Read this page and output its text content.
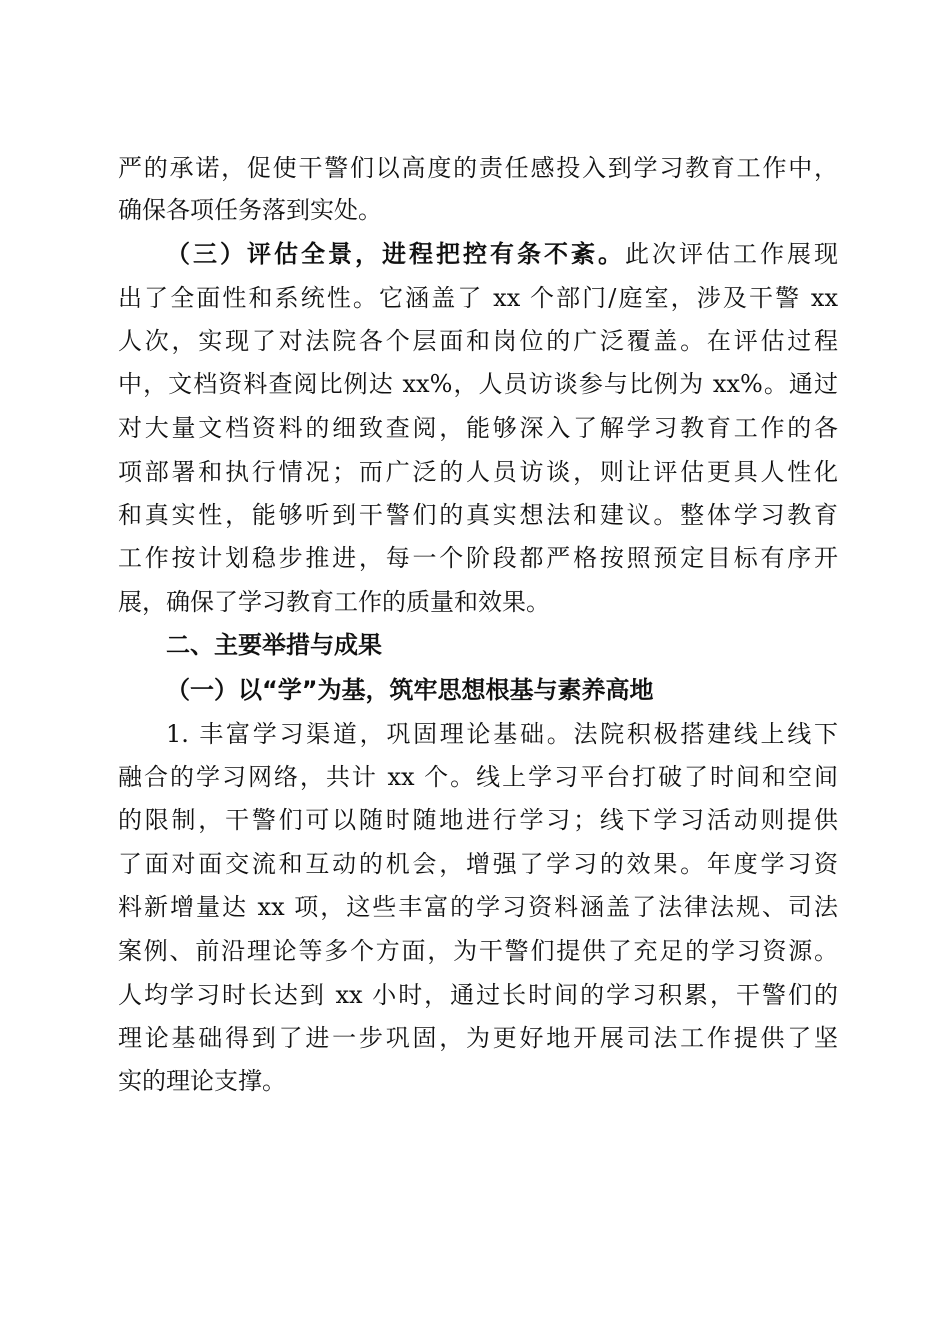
严的承诺，促使干警们以高度的责任感投入到学习教育工作中，
确保各项任务落到实处。
（三）评估全景，进程把控有条不紊。此次评估工作展现
出了全面性和系统性。它涵盖了 xx 个部门/庭室，涉及干警 xx
人次，实现了对法院各个层面和岗位的广泛覆盖。在评估过程
中，文档资料查阅比例达 xx%，人员访谈参与比例为 xx%。通过
对大量文档资料的细致查阅，能够深入了解学习教育工作的各
项部署和执行情况；而广泛的人员访谈，则让评估更具人性化
和真实性，能够听到干警们的真实想法和建议。整体学习教育
工作按计划稳步推进，每一个阶段都严格按照预定目标有序开
展，确保了学习教育工作的质量和效果。
二、主要举措与成果
（一）以“学”为基，筑牢思想根基与素养高地
1. 丰富学习渠道，巩固理论基础。法院积极搭建线上线下
融合的学习网络，共计 xx 个。线上学习平台打破了时间和空间
的限制，干警们可以随时随地进行学习；线下学习活动则提供
了面对面交流和互动的机会，增强了学习的效果。年度学习资
料新增量达 xx 项，这些丰富的学习资料涵盖了法律法规、司法
案例、前沿理论等多个方面，为干警们提供了充足的学习资源。
人均学习时长达到 xx 小时，通过长时间的学习积累，干警们的
理论基础得到了进一步巩固，为更好地开展司法工作提供了坚
实的理论支撑。
